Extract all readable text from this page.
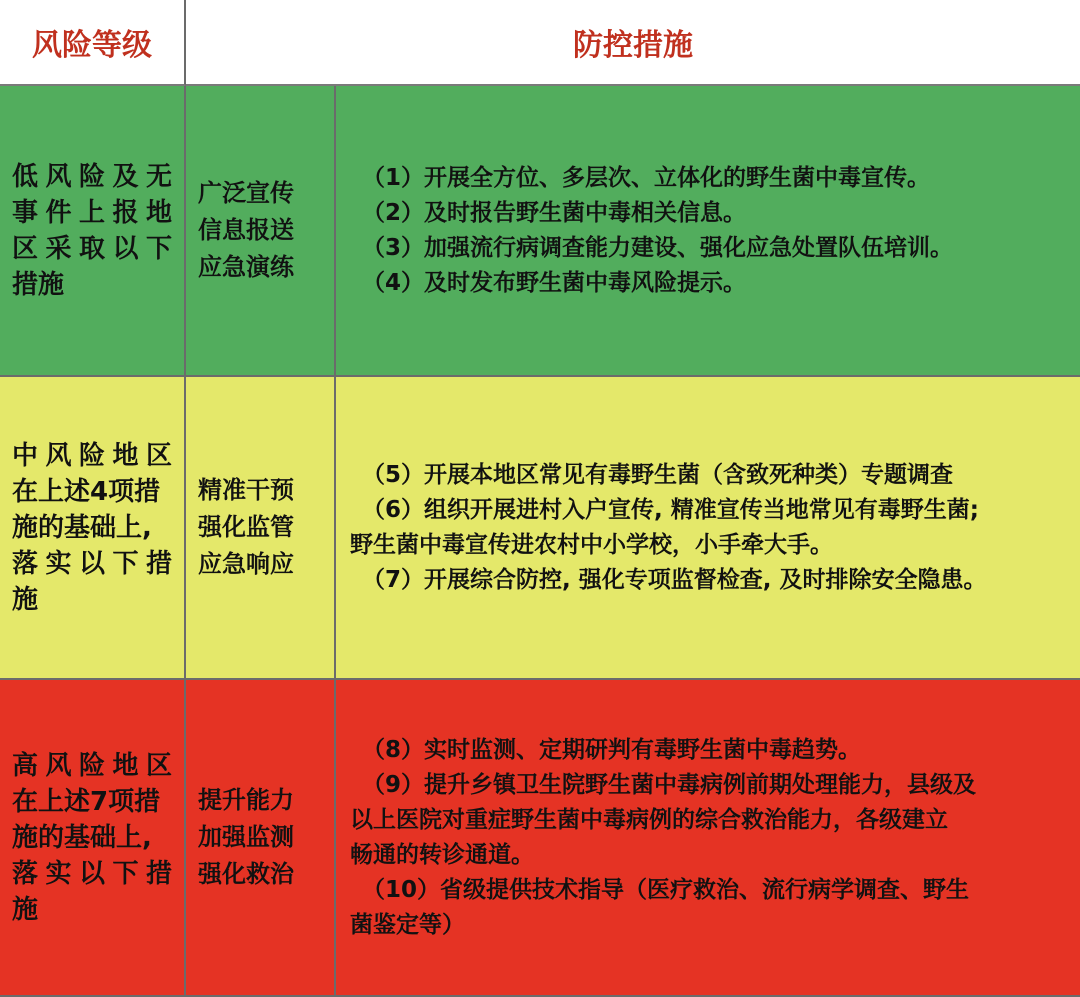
风险等级	防控措施
低风险及无
事件上报地
区采取以下
措施
广泛宣传
信息报送
应急演练
（1）开展全方位、多层次、立体化的野生菌中毒宣传。
（2）及时报告野生菌中毒相关信息。
（3）加强流行病调查能力建设、强化应急处置队伍培训。
（4）及时发布野生菌中毒风险提示。
中风险地区
在上述4项措
施的基础上,
落实以下措
施
精准干预
强化监管
应急响应
（5）开展本地区常见有毒野生菌（含致死种类）专题调查
（6）组织开展进村入户宣传, 精准宣传当地常见有毒野生菌;
野生菌中毒宣传进农村中小学校，小手牵大手。
（7）开展综合防控, 强化专项监督检查, 及时排除安全隐患。
高风险地区
在上述7项措
施的基础上,
落实以下措
施
提升能力
加强监测
强化救治
（8）实时监测、定期研判有毒野生菌中毒趋势。
（9）提升乡镇卫生院野生菌中毒病例前期处理能力，县级及
以上医院对重症野生菌中毒病例的综合救治能力，各级建立
畅通的转诊通道。
（10）省级提供技术指导（医疗救治、流行病学调查、野生
菌鉴定等）
